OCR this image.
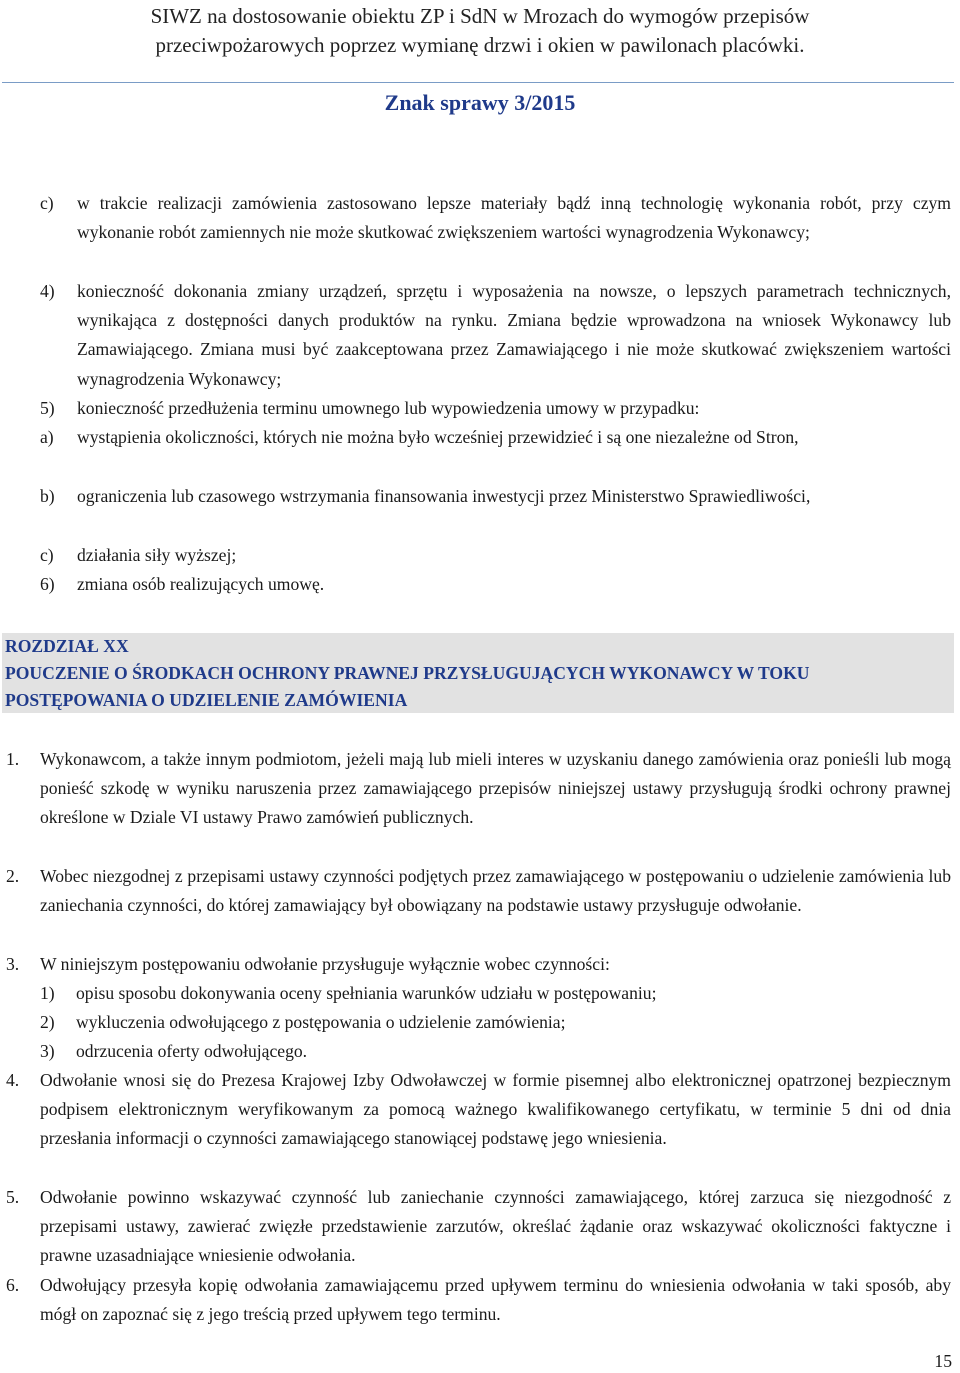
SIWZ na dostosowanie obiektu ZP i SdN w Mrozach do wymogów przepisów
przeciwpożarowych poprzez wymianę drzwi i okien w pawilonach placówki.
Znak sprawy 3/2015
c) w trakcie realizacji zamówienia zastosowano lepsze materiały bądź inną technologię wykonania robót, przy czym wykonanie robót zamiennych nie może skutkować zwiększeniem wartości wynagrodzenia Wykonawcy;
4) konieczność dokonania zmiany urządzeń, sprzętu i wyposażenia na nowsze, o lepszych parametrach technicznych, wynikająca z dostępności danych produktów na rynku. Zmiana będzie wprowadzona na wniosek Wykonawcy lub Zamawiającego. Zmiana musi być zaakceptowana przez Zamawiającego i nie może skutkować zwiększeniem wartości wynagrodzenia Wykonawcy;
5) konieczność przedłużenia terminu umownego lub wypowiedzenia umowy w przypadku:
a) wystąpienia okoliczności, których nie można było wcześniej przewidzieć i są one niezależne od Stron,
b) ograniczenia lub czasowego wstrzymania finansowania inwestycji przez Ministerstwo Sprawiedliwości,
c) działania siły wyższej;
6) zmiana osób realizujących umowę.
ROZDZIAŁ XX
POUCZENIE O ŚRODKACH OCHRONY PRAWNEJ PRZYSŁUGUJĄCYCH WYKONAWCY W TOKU POSTĘPOWANIA O UDZIELENIE ZAMÓWIENIA
1. Wykonawcom, a także innym podmiotom, jeżeli mają lub mieli interes w uzyskaniu danego zamówienia oraz ponieśli lub mogą ponieść szkodę w wyniku naruszenia przez zamawiającego przepisów niniejszej ustawy przysługują środki ochrony prawnej określone w Dziale VI ustawy Prawo zamówień publicznych.
2. Wobec niezgodnej z przepisami ustawy czynności podjętych przez zamawiającego w postępowaniu o udzielenie zamówienia lub zaniechania czynności, do której zamawiający był obowiązany na podstawie ustawy przysługuje odwołanie.
3. W niniejszym postępowaniu odwołanie przysługuje wyłącznie wobec czynności:
1) opisu sposobu dokonywania oceny spełniania warunków udziału w postępowaniu;
2) wykluczenia odwołującego z postępowania o udzielenie zamówienia;
3) odrzucenia oferty odwołującego.
4. Odwołanie wnosi się do Prezesa Krajowej Izby Odwoławczej w formie pisemnej albo elektronicznej opatrzonej bezpiecznym podpisem elektronicznym weryfikowanym za pomocą ważnego kwalifikowanego certyfikatu, w terminie 5 dni od dnia przesłania informacji o czynności zamawiającego stanowiącej podstawę jego wniesienia.
5. Odwołanie powinno wskazywać czynność lub zaniechanie czynności zamawiającego, której zarzuca się niezgodność z przepisami ustawy, zawierać zwięzłe przedstawienie zarzutów, określać żądanie oraz wskazywać okoliczności faktyczne i prawne uzasadniające wniesienie odwołania.
6. Odwołujący przesyła kopię odwołania zamawiającemu przed upływem terminu do wniesienia odwołania w taki sposób, aby mógł on zapoznać się z jego treścią przed upływem tego terminu.
15
